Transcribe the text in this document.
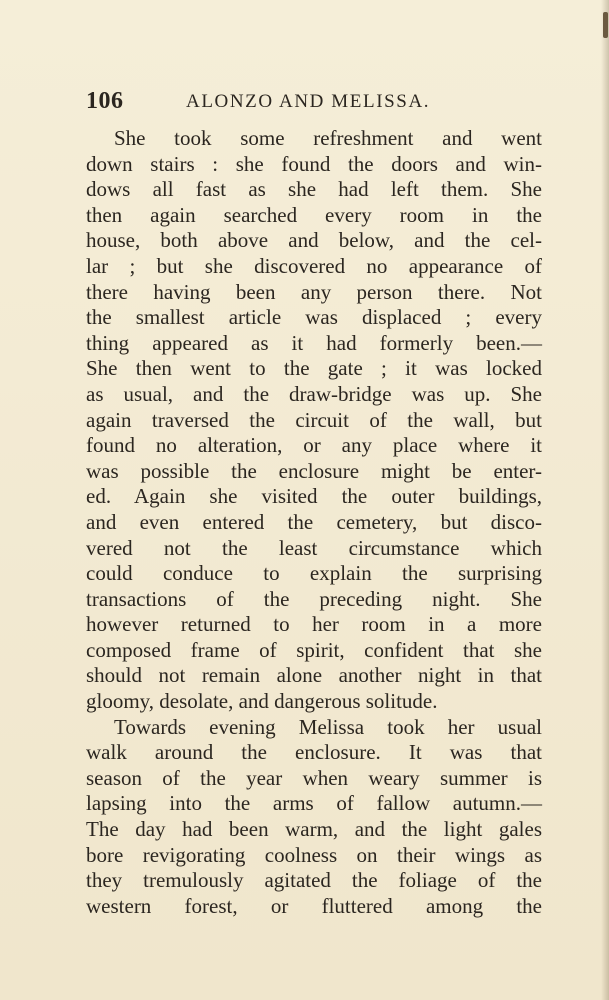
106	ALONZO AND MELISSA.
She took some refreshment and went
down stairs : she found the doors and win-
dows all fast as she had left them. She
then again searched every room in the
house, both above and below, and the cel-
lar ; but she discovered no appearance of
there having been any person there. Not
the smallest article was displaced ; every
thing appeared as it had formerly been.—
She then went to the gate ; it was locked
as usual, and the draw-bridge was up. She
again traversed the circuit of the wall, but
found no alteration, or any place where it
was possible the enclosure might be enter-
ed. Again she visited the outer buildings,
and even entered the cemetery, but disco-
vered not the least circumstance which
could conduce to explain the surprising
transactions of the preceding night. She
however returned to her room in a more
composed frame of spirit, confident that she
should not remain alone another night in that
gloomy, desolate, and dangerous solitude.
Towards evening Melissa took her usual
walk around the enclosure. It was that
season of the year when weary summer is
lapsing into the arms of fallow autumn.—
The day had been warm, and the light gales
bore revigorating coolness on their wings as
they tremulously agitated the foliage of the
western forest, or fluttered among the
